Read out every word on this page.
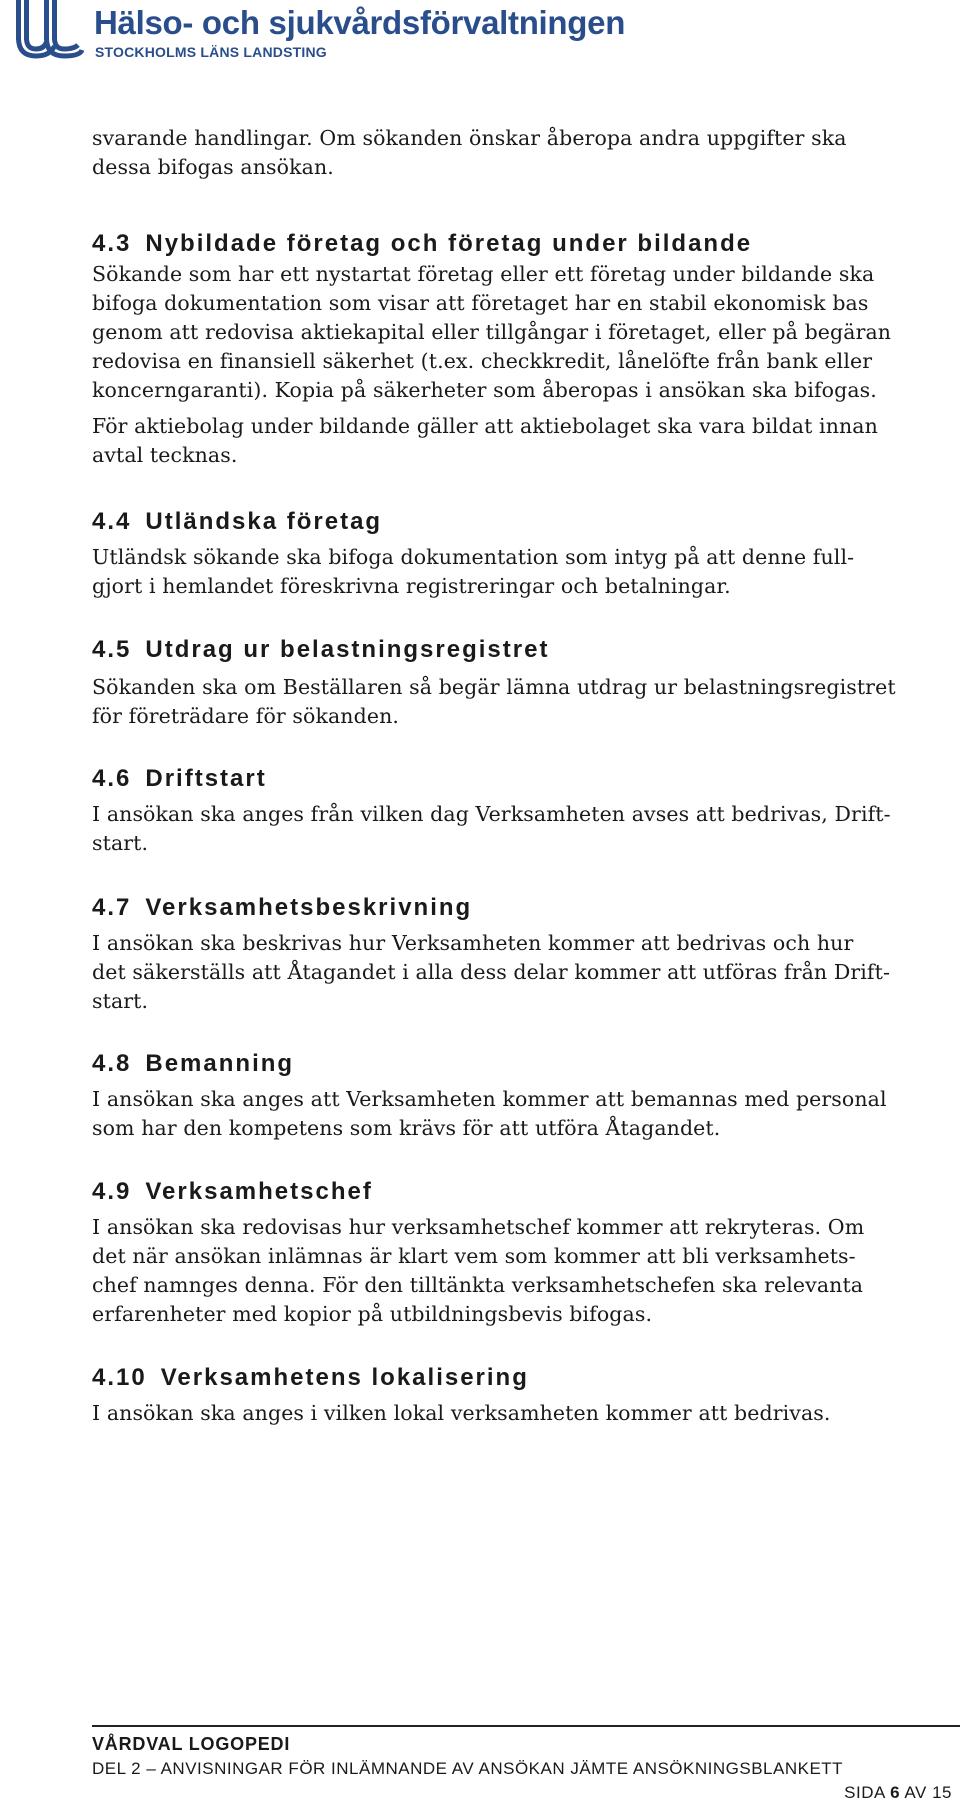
Hälso- och sjukvårdsförvaltningen
STOCKHOLMS LÄNS LANDSTING

svarande handlingar. Om sökanden önskar åberopa andra uppgifter ska
dessa bifogas ansökan.

4.3 Nybildade företag och företag under bildande

Sökande som har ett nystartat företag eller ett företag under bildande ska
bifoga dokumentation som visar att företaget har en stabil ekonomisk bas
genom att redovisa aktiekapital eller tillgångar i företaget, eller på begäran
redovisa en finansiell säkerhet (t.ex. checkkredit, lånelöfte från bank eller
koncerngaranti). Kopia på säkerheter som åberopas i ansökan ska bifogas.

För aktiebolag under bildande gäller att aktiebolaget ska vara bildat innan
avtal tecknas.

4.4 Utländska företag

Utländsk sökande ska bifoga dokumentation som intyg på att denne full-
gjort i hemlandet föreskrivna registreringar och betalningar.

4.5 Utdrag ur belastningsregistret

Sökanden ska om Beställaren så begär lämna utdrag ur belastningsregistret
för företrädare för sökanden.

4.6 Driftstart

I ansökan ska anges från vilken dag Verksamheten avses att bedrivas, Drift-
start.

4.7 Verksamhetsbeskrivning

I ansökan ska beskrivas hur Verksamheten kommer att bedrivas och hur
det säkerställs att Åtagandet i alla dess delar kommer att utföras från Drift-
start.

4.8 Bemanning

I ansökan ska anges att Verksamheten kommer att bemannas med personal
som har den kompetens som krävs för att utföra Åtagandet.

4.9 Verksamhetschef

I ansökan ska redovisas hur verksamhetschef kommer att rekryteras. Om
det när ansökan inlämnas är klart vem som kommer att bli verksamhets-
chef namnges denna. För den tilltänkta verksamhetschefen ska relevanta
erfarenheter med kopior på utbildningsbevis bifogas.

4.10 Verksamhetens lokalisering

I ansökan ska anges i vilken lokal verksamheten kommer att bedrivas.

VÅRDVAL LOGOPEDI
DEL 2 – ANVISNINGAR FÖR INLÄMNANDE AV ANSÖKAN JÄMTE ANSÖKNINGSBLANKETT
SIDA 6 AV 15
